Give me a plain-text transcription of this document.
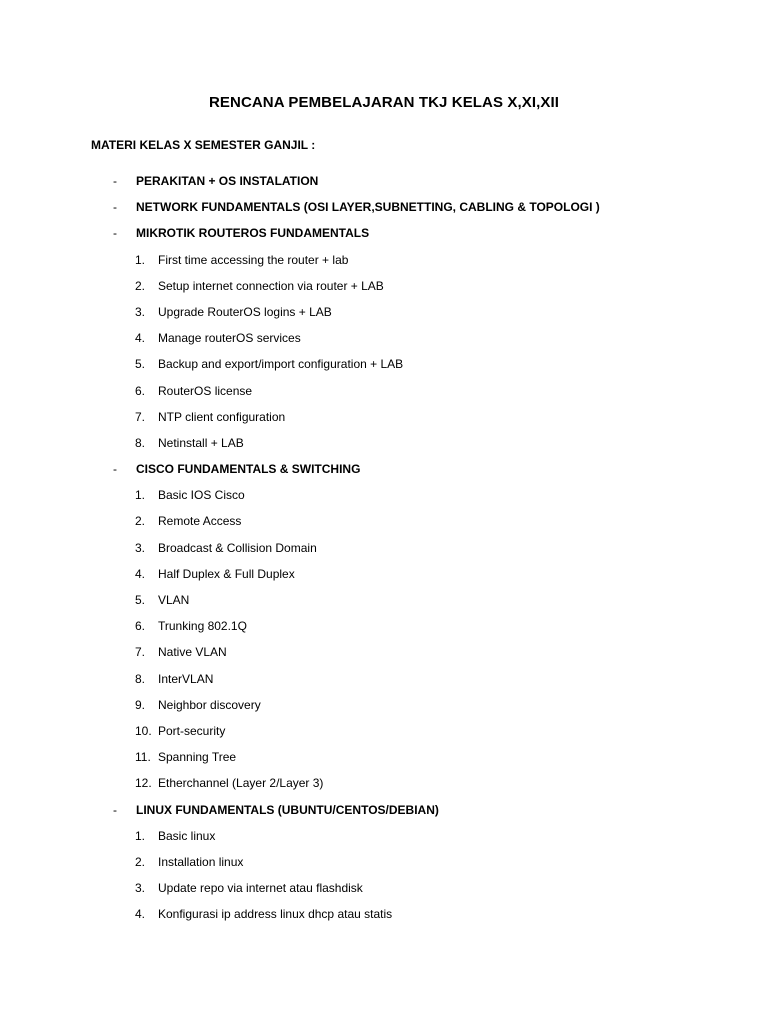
RENCANA PEMBELAJARAN TKJ KELAS X,XI,XII
MATERI KELAS X SEMESTER GANJIL :
- PERAKITAN + OS INSTALATION
- NETWORK FUNDAMENTALS (OSI LAYER,SUBNETTING, CABLING & TOPOLOGI )
- MIKROTIK ROUTEROS FUNDAMENTALS
1. First time accessing the router + lab
2. Setup internet connection via router + LAB
3. Upgrade RouterOS logins + LAB
4. Manage routerOS services
5. Backup and export/import configuration + LAB
6. RouterOS license
7. NTP client configuration
8. Netinstall + LAB
- CISCO FUNDAMENTALS & SWITCHING
1. Basic IOS Cisco
2. Remote Access
3. Broadcast & Collision Domain
4. Half Duplex & Full Duplex
5. VLAN
6. Trunking 802.1Q
7. Native VLAN
8. InterVLAN
9. Neighbor discovery
10. Port-security
11. Spanning Tree
12. Etherchannel (Layer 2/Layer 3)
- LINUX FUNDAMENTALS (UBUNTU/CENTOS/DEBIAN)
1. Basic linux
2. Installation linux
3. Update repo via internet atau flashdisk
4. Konfigurasi ip address linux dhcp atau statis
